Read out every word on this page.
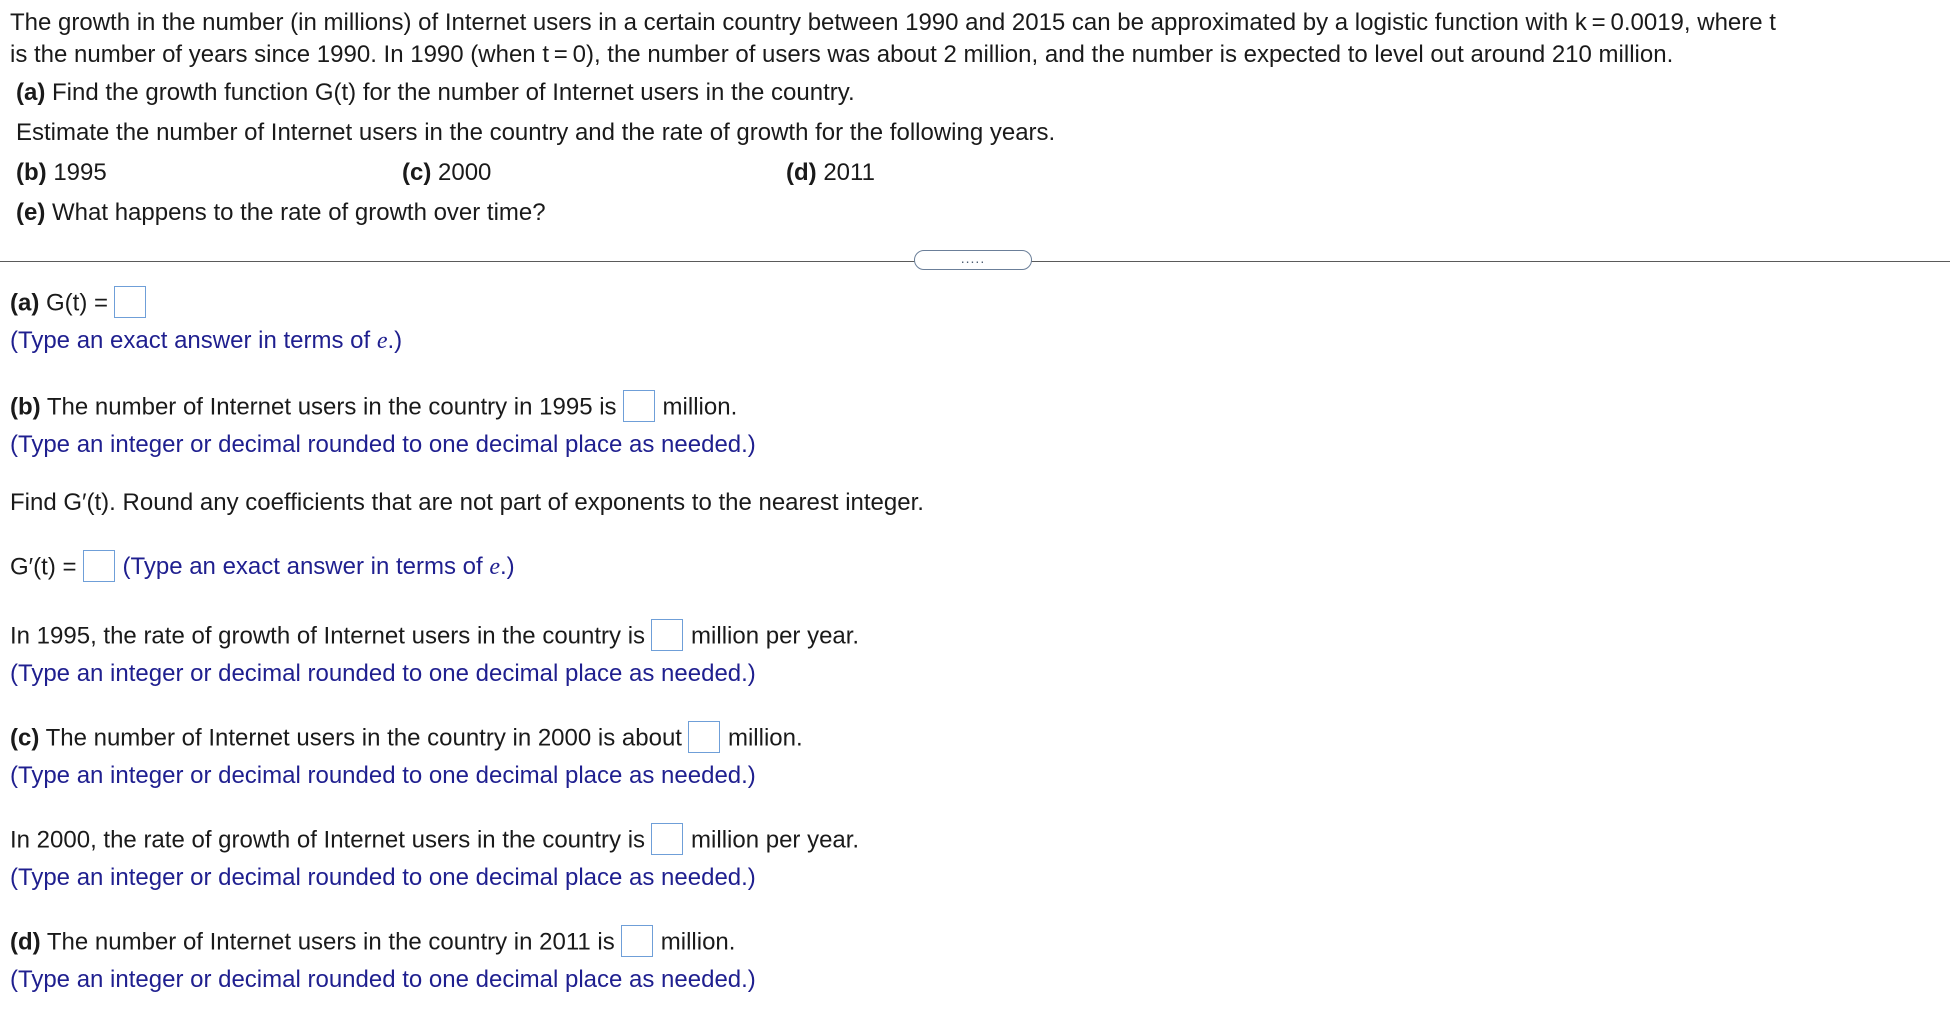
The growth in the number (in millions) of Internet users in a certain country between 1990 and 2015 can be approximated by a logistic function with k = 0.0019, where t
is the number of years since 1990. In 1990 (when t = 0), the number of users was about 2 million, and the number is expected to level out around 210 million.
(a) Find the growth function G(t) for the number of Internet users in the country.
Estimate the number of Internet users in the country and the rate of growth for the following years.
(b) 1995	(c) 2000	(d) 2011
(e) What happens to the rate of growth over time?
.....
(a) G(t) =
(Type an exact answer in terms of e.)
(b) The number of Internet users in the country in 1995 is million.
(Type an integer or decimal rounded to one decimal place as needed.)
Find G′(t). Round any coefficients that are not part of exponents to the nearest integer.
G′(t) = (Type an exact answer in terms of e.)
In 1995, the rate of growth of Internet users in the country is million per year.
(Type an integer or decimal rounded to one decimal place as needed.)
(c) The number of Internet users in the country in 2000 is about million.
(Type an integer or decimal rounded to one decimal place as needed.)
In 2000, the rate of growth of Internet users in the country is million per year.
(Type an integer or decimal rounded to one decimal place as needed.)
(d) The number of Internet users in the country in 2011 is million.
(Type an integer or decimal rounded to one decimal place as needed.)
